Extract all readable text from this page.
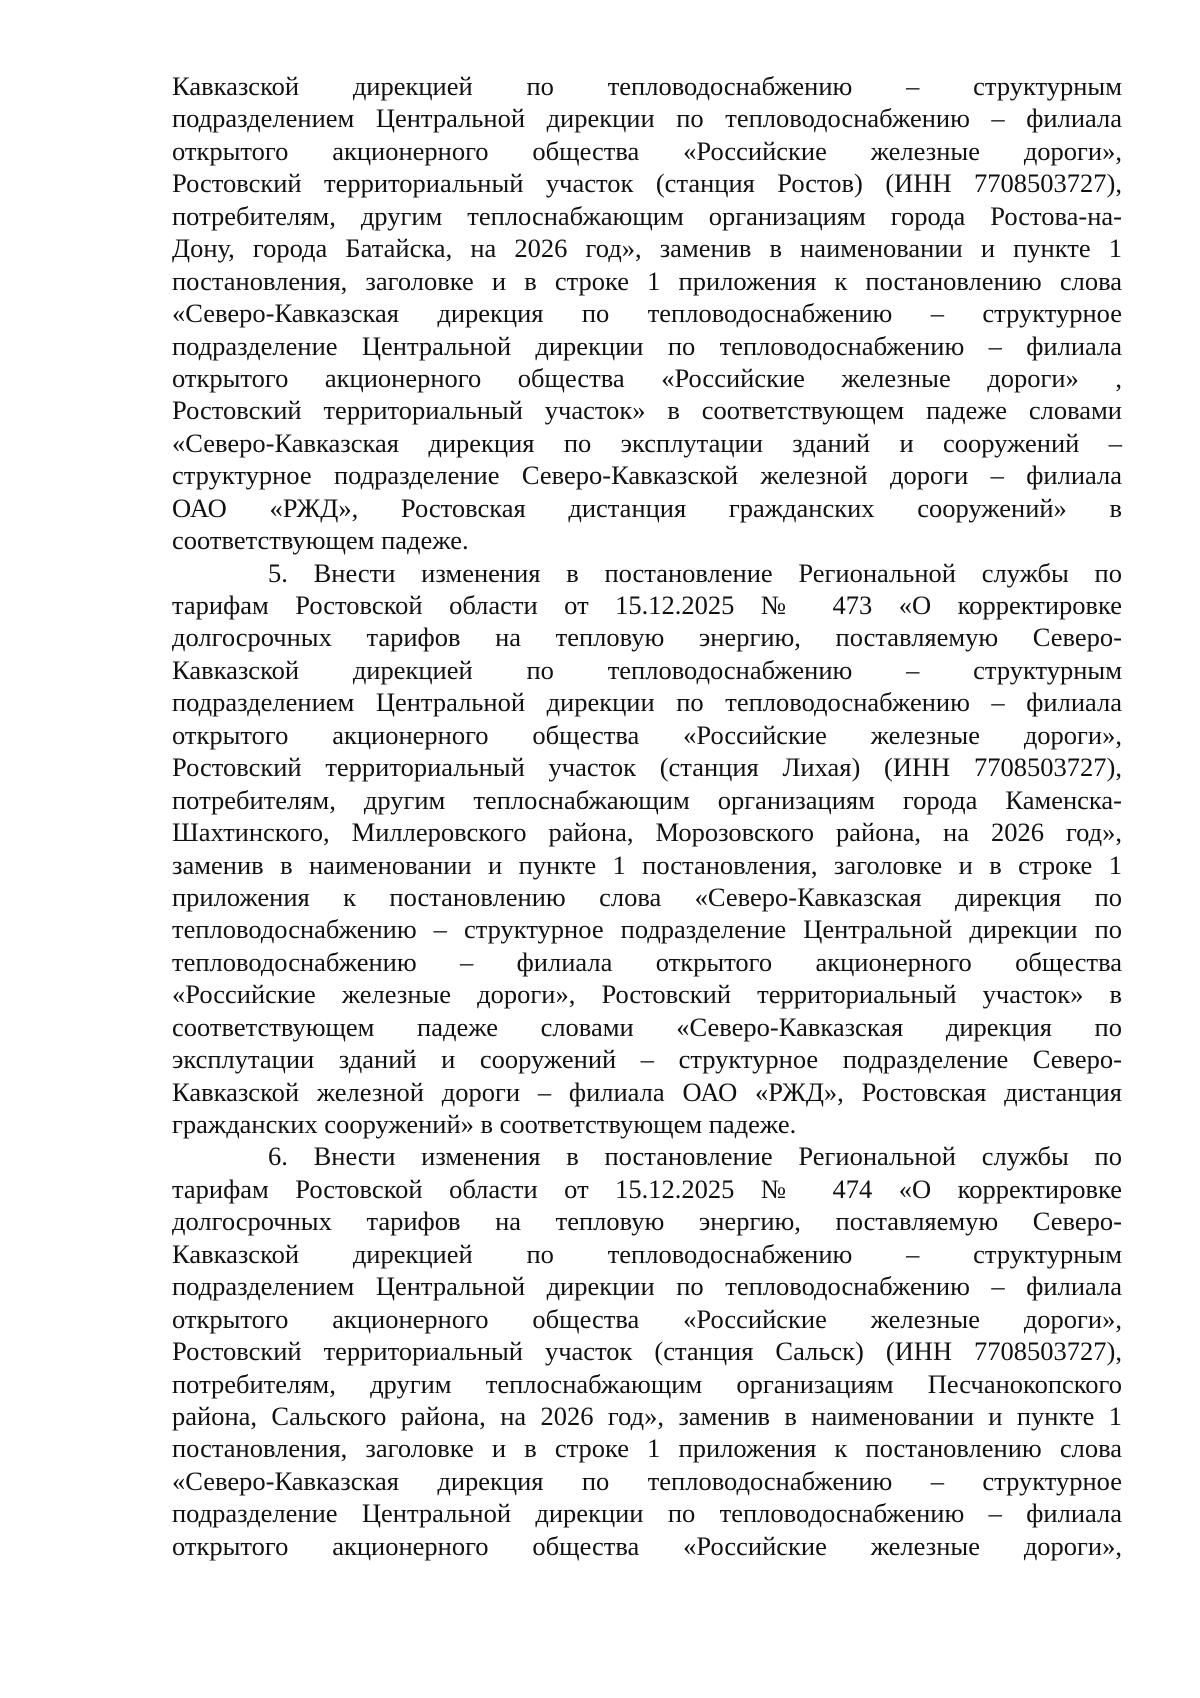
Кавказской дирекцией по тепловодоснабжению – структурным
подразделением Центральной дирекции по тепловодоснабжению – филиала
открытого акционерного общества «Российские железные дороги»,
Ростовский территориальный участок (станция Ростов) (ИНН 7708503727),
потребителям, другим теплоснабжающим организациям города Ростова-на-
Дону, города Батайска, на 2026 год», заменив в наименовании и пункте 1
постановления, заголовке и в строке 1 приложения к постановлению слова
«Северо-Кавказская дирекция по тепловодоснабжению – структурное
подразделение Центральной дирекции по тепловодоснабжению – филиала
открытого акционерного общества «Российские железные дороги» ,
Ростовский территориальный участок» в соответствующем падеже словами
«Северо-Кавказская дирекция по эксплутации зданий и сооружений –
структурное подразделение Северо-Кавказской железной дороги – филиала
ОАО «РЖД», Ростовская дистанция гражданских сооружений» в
соответствующем падеже.
5. Внести изменения в постановление Региональной службы по
тарифам Ростовской области от 15.12.2025 № 473 «О корректировке
долгосрочных тарифов на тепловую энергию, поставляемую Северо-
Кавказской дирекцией по тепловодоснабжению – структурным
подразделением Центральной дирекции по тепловодоснабжению – филиала
открытого акционерного общества «Российские железные дороги»,
Ростовский территориальный участок (станция Лихая) (ИНН 7708503727),
потребителям, другим теплоснабжающим организациям города Каменска-
Шахтинского, Миллеровского района, Морозовского района, на 2026 год»,
заменив в наименовании и пункте 1 постановления, заголовке и в строке 1
приложения к постановлению слова «Северо-Кавказская дирекция по
тепловодоснабжению – структурное подразделение Центральной дирекции по
тепловодоснабжению – филиала открытого акционерного общества
«Российские железные дороги», Ростовский территориальный участок» в
соответствующем падеже словами «Северо-Кавказская дирекция по
эксплутации зданий и сооружений – структурное подразделение Северо-
Кавказской железной дороги – филиала ОАО «РЖД», Ростовская дистанция
гражданских сооружений» в соответствующем падеже.
6. Внести изменения в постановление Региональной службы по
тарифам Ростовской области от 15.12.2025 № 474 «О корректировке
долгосрочных тарифов на тепловую энергию, поставляемую Северо-
Кавказской дирекцией по тепловодоснабжению – структурным
подразделением Центральной дирекции по тепловодоснабжению – филиала
открытого акционерного общества «Российские железные дороги»,
Ростовский территориальный участок (станция Сальск) (ИНН 7708503727),
потребителям, другим теплоснабжающим организациям Песчанокопского
района, Сальского района, на 2026 год», заменив в наименовании и пункте 1
постановления, заголовке и в строке 1 приложения к постановлению слова
«Северо-Кавказская дирекция по тепловодоснабжению – структурное
подразделение Центральной дирекции по тепловодоснабжению – филиала
открытого акционерного общества «Российские железные дороги»,
